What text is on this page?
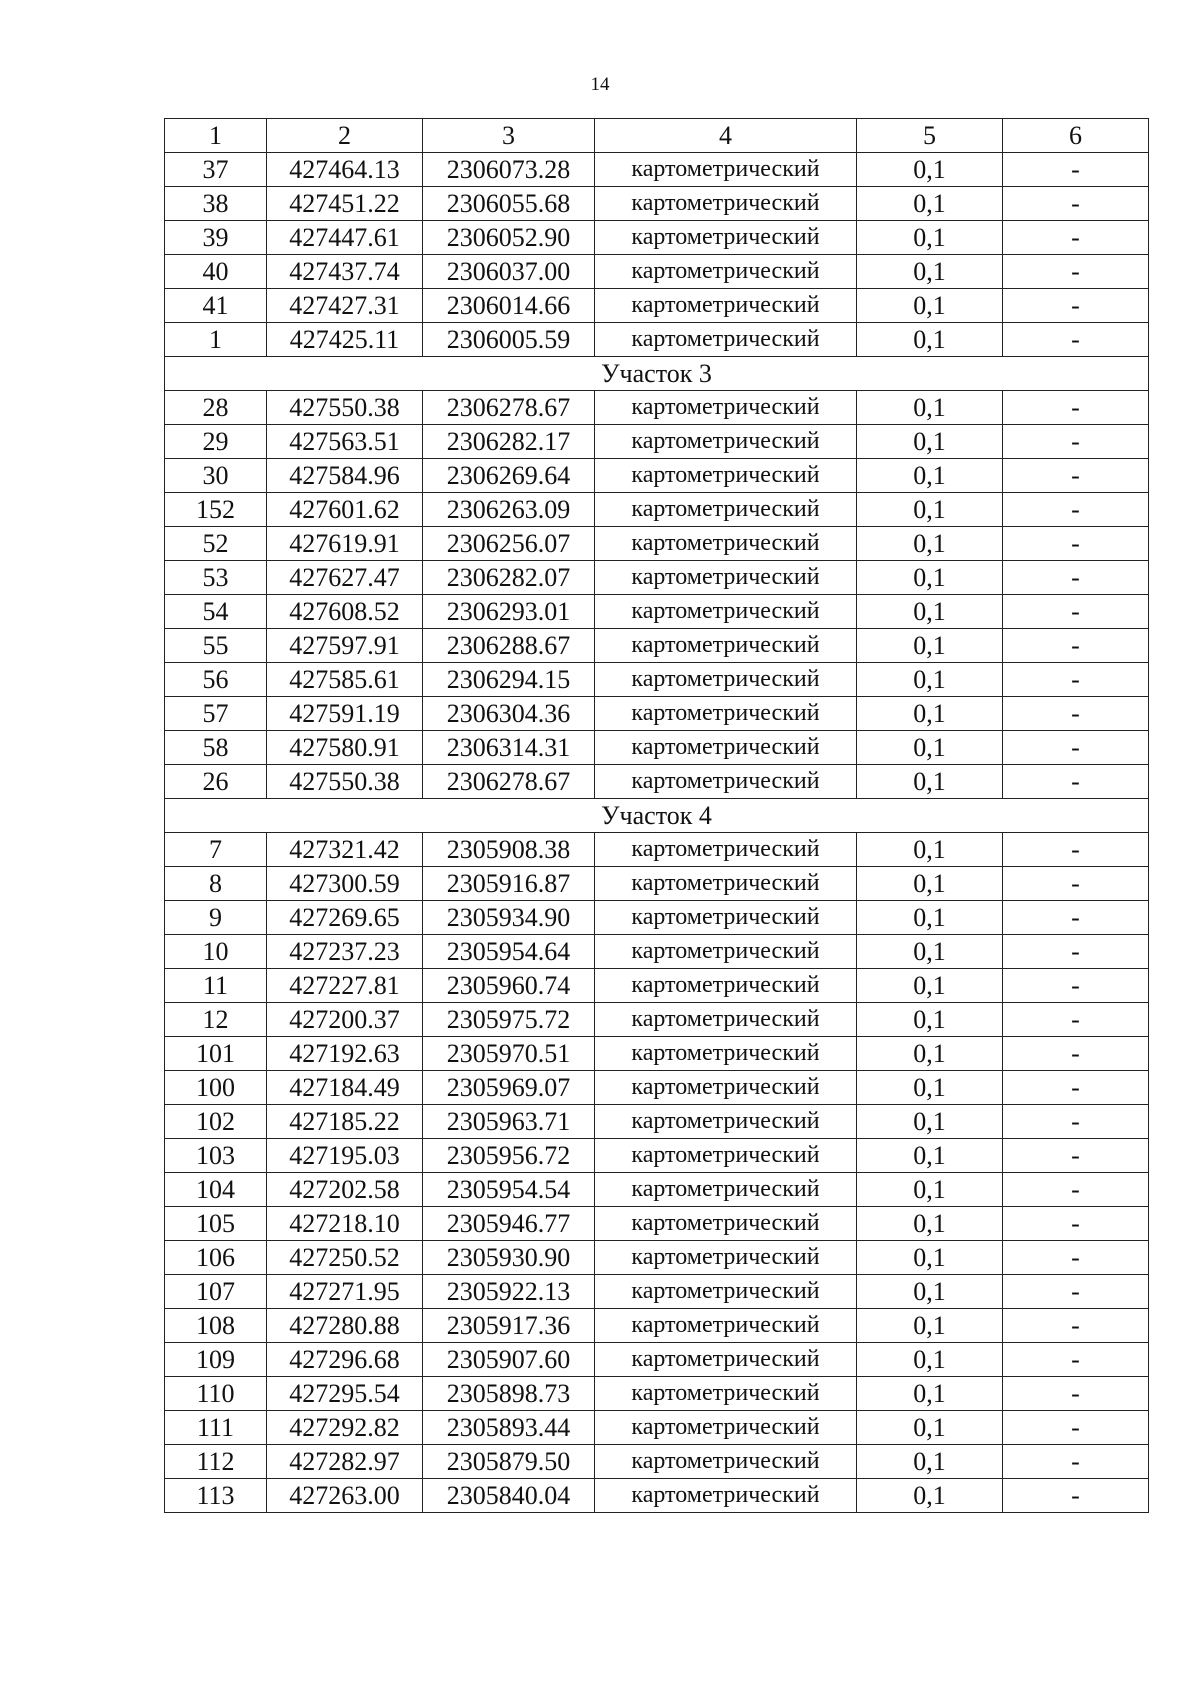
14
1	2	3	4	5	6
37	427464.13	2306073.28	картометрический	0,1	-
38	427451.22	2306055.68	картометрический	0,1	-
39	427447.61	2306052.90	картометрический	0,1	-
40	427437.74	2306037.00	картометрический	0,1	-
41	427427.31	2306014.66	картометрический	0,1	-
1	427425.11	2306005.59	картометрический	0,1	-
Участок 3					
28	427550.38	2306278.67	картометрический	0,1	-
29	427563.51	2306282.17	картометрический	0,1	-
30	427584.96	2306269.64	картометрический	0,1	-
152	427601.62	2306263.09	картометрический	0,1	-
52	427619.91	2306256.07	картометрический	0,1	-
53	427627.47	2306282.07	картометрический	0,1	-
54	427608.52	2306293.01	картометрический	0,1	-
55	427597.91	2306288.67	картометрический	0,1	-
56	427585.61	2306294.15	картометрический	0,1	-
57	427591.19	2306304.36	картометрический	0,1	-
58	427580.91	2306314.31	картометрический	0,1	-
26	427550.38	2306278.67	картометрический	0,1	-
Участок 4					
7	427321.42	2305908.38	картометрический	0,1	-
8	427300.59	2305916.87	картометрический	0,1	-
9	427269.65	2305934.90	картометрический	0,1	-
10	427237.23	2305954.64	картометрический	0,1	-
11	427227.81	2305960.74	картометрический	0,1	-
12	427200.37	2305975.72	картометрический	0,1	-
101	427192.63	2305970.51	картометрический	0,1	-
100	427184.49	2305969.07	картометрический	0,1	-
102	427185.22	2305963.71	картометрический	0,1	-
103	427195.03	2305956.72	картометрический	0,1	-
104	427202.58	2305954.54	картометрический	0,1	-
105	427218.10	2305946.77	картометрический	0,1	-
106	427250.52	2305930.90	картометрический	0,1	-
107	427271.95	2305922.13	картометрический	0,1	-
108	427280.88	2305917.36	картометрический	0,1	-
109	427296.68	2305907.60	картометрический	0,1	-
110	427295.54	2305898.73	картометрический	0,1	-
111	427292.82	2305893.44	картометрический	0,1	-
112	427282.97	2305879.50	картометрический	0,1	-
113	427263.00	2305840.04	картометрический	0,1	-
